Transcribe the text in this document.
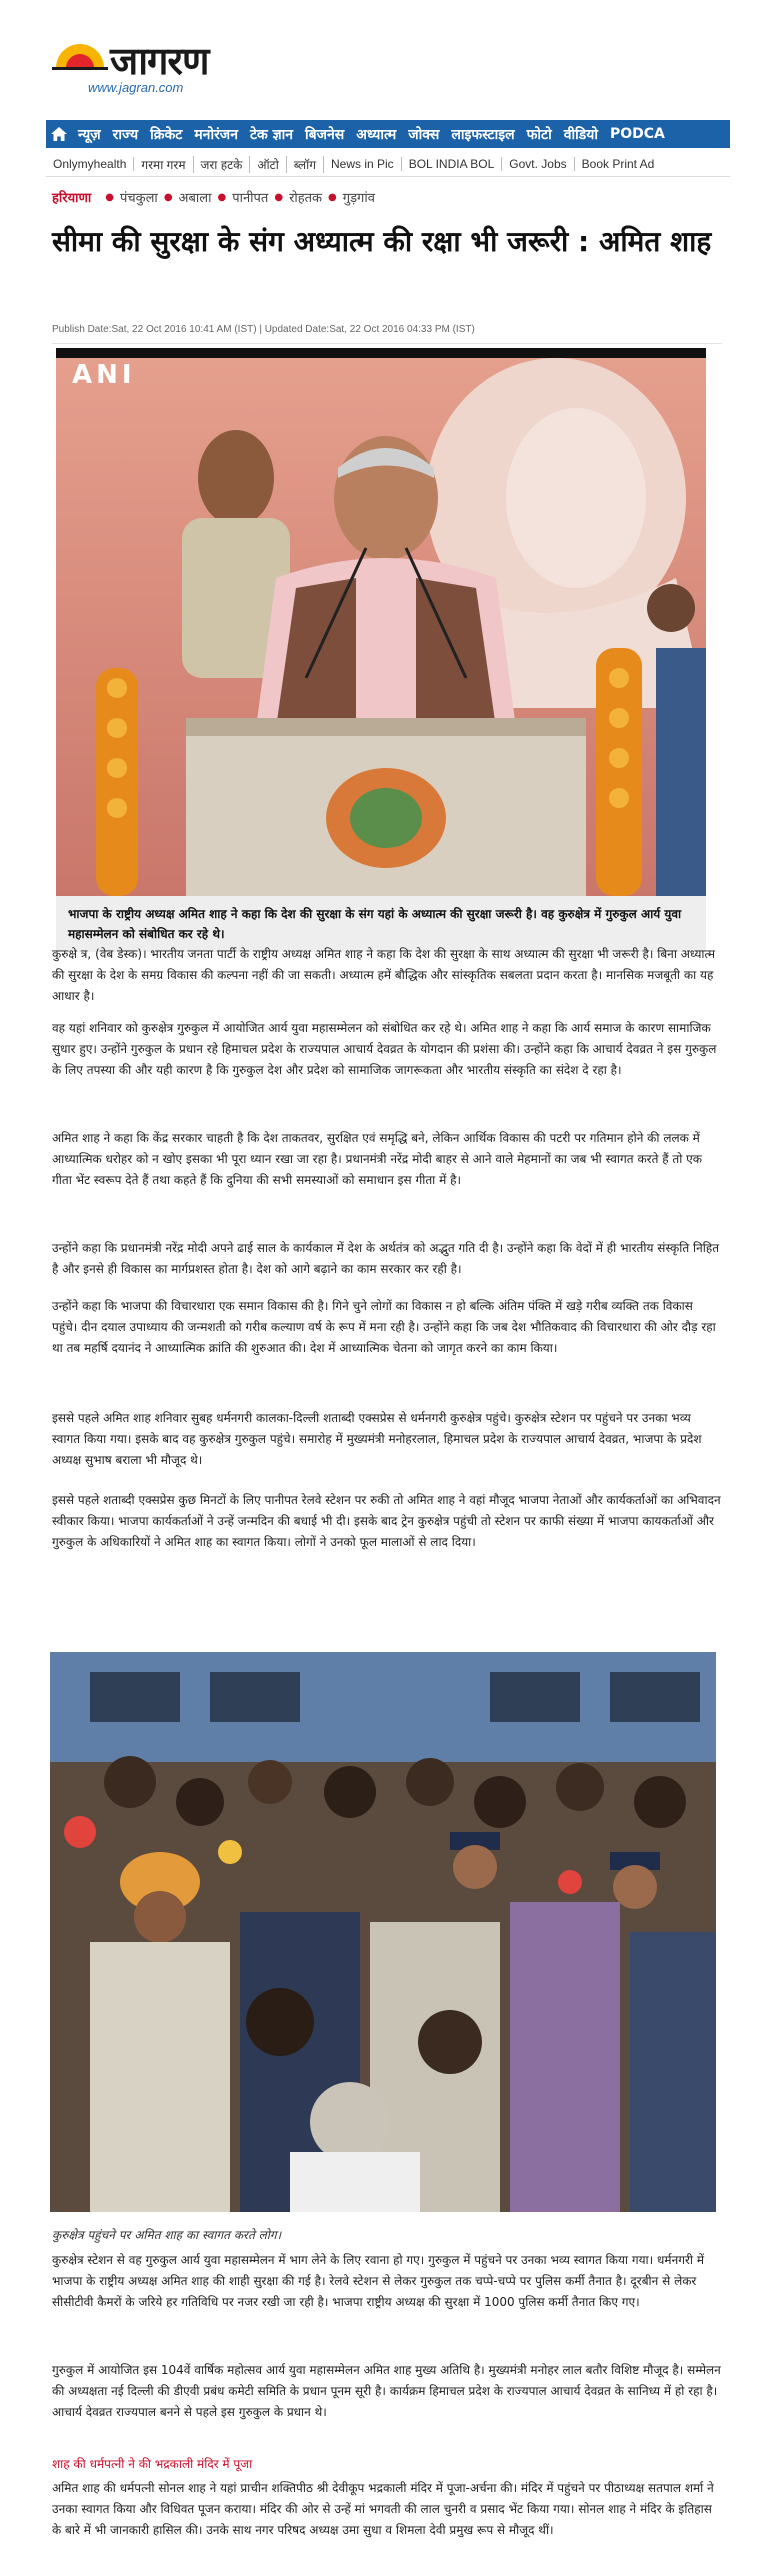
जागरण
www.jagran.com
न्यूज़ राज्य क्रिकेट मनोरंजन टेक ज्ञान बिजनेस अध्यात्म जोक्स लाइफस्टाइल फोटो वीडियो PODCA
Onlymyhealth	गरमा गरम	जरा हटके	ऑटो	ब्लॉग	News in Pic	BOL INDIA BOL	Govt. Jobs	Book Print Ad
हरियाणा ● पंचकुला ● अबाला ● पानीपत ● रोहतक ● गुड़गांव
सीमा की सुरक्षा के संग अध्यात्म की रक्षा भी जरूरी : अमित शाह
Publish Date:Sat, 22 Oct 2016 10:41 AM (IST) | Updated Date:Sat, 22 Oct 2016 04:33 PM (IST)
ANI
भाजपा के राष्ट्रीय अध्यक्ष अमित शाह ने कहा कि देश की सुरक्षा के संग यहां के अध्यात्म की सुरक्षा जरूरी है। वह कुरुक्षेत्र में गुरुकुल आर्य युवा महासम्मेलन को संबोधित कर रहे थे।

कुरुक्षे त्र, (वेब डेस्क)। भारतीय जनता पार्टी के राष्ट्रीय अध्यक्ष अमित शाह ने कहा कि देश की सुरक्षा के साथ अध्यात्म की सुरक्षा भी जरूरी है। बिना अध्यात्म की सुरक्षा के देश के समग्र विकास की कल्पना नहीं की जा सकती। अध्यात्म हमें बौद्धिक और सांस्कृतिक सबलता प्रदान करता है। मानसिक मजबूती का यह आधार है।

वह यहां शनिवार को कुरुक्षेत्र गुरुकुल में आयोजित आर्य युवा महासम्मेलन को संबोधित कर रहे थे। अमित शाह ने कहा कि आर्य समाज के कारण सामाजिक सुधार हुए। उन्होंने गुरुकुल के प्रधान रहे हिमाचल प्रदेश के राज्यपाल आचार्य देवव्रत के योगदान की प्रशंसा की। उन्होंने कहा कि आचार्य देवव्रत ने इस गुरुकुल के लिए तपस्या की और यही कारण है कि गुरुकुल देश और प्रदेश को सामाजिक जागरूकता और भारतीय संस्कृति का संदेश दे रहा है।

अमित शाह ने कहा कि केंद्र सरकार चाहती है कि देश ताकतवर, सुरक्षित एवं समृद्धि बने, लेकिन आर्थिक विकास की पटरी पर गतिमान होने की ललक में आध्यात्मिक धरोहर को न खोए इसका भी पूरा ध्यान रखा जा रहा है। प्रधानमंत्री नरेंद्र मोदी बाहर से आने वाले मेहमानों का जब भी स्वागत करते हैं तो एक गीता भेंट स्वरूप देते हैं तथा कहते हैं कि दुनिया की सभी समस्याओं को समाधान इस गीता में है।

उन्होंने कहा कि प्रधानमंत्री नरेंद्र मोदी अपने ढाई साल के कार्यकाल में देश के अर्थतंत्र को अद्भुत गति दी है। उन्होंने कहा कि वेदों में ही भारतीय संस्कृति निहित है और इनसे ही विकास का मार्गप्रशस्त होता है। देश को आगे बढ़ाने का काम सरकार कर रही है।

उन्होंने कहा कि भाजपा की विचारधारा एक समान विकास की है। गिने चुने लोगों का विकास न हो बल्कि अंतिम पंक्ति में खड़े गरीब व्यक्ति तक विकास पहुंचे। दीन दयाल उपाध्याय की जन्मशती को गरीब कल्याण वर्ष के रूप में मना रही है। उन्होंने कहा कि जब देश भौतिकवाद की विचारधारा की ओर दौड़ रहा था तब महर्षि दयानंद ने आध्यात्मिक क्रांति की शुरुआत की। देश में आध्यात्मिक चेतना को जागृत करने का काम किया।

इससे पहले अमित शाह शनिवार सुबह धर्मनगरी कालका-दिल्ली शताब्दी एक्सप्रेस से धर्मनगरी कुरुक्षेत्र पहुंचे। कुरुक्षेत्र स्टेशन पर पहुंचने पर उनका भव्य स्वागत किया गया। इसके बाद वह कुरुक्षेत्र गुरुकुल पहुंचे। समारोह में मुख्यमंत्री मनोहरलाल, हिमाचल प्रदेश के राज्यपाल आचार्य देवव्रत, भाजपा के प्रदेश अध्यक्ष सुभाष बराला भी मौजूद थे।

इससे पहले शताब्दी एक्सप्रेस कुछ मिनटों के लिए पानीपत रेलवे स्टेशन पर रुकी तो अमित शाह ने वहां मौजूद भाजपा नेताओं और कार्यकर्ताओं का अभिवादन स्वीकार किया। भाजपा कार्यकर्ताओं ने उन्हें जन्मदिन की बधाई भी दी। इसके बाद ट्रेन कुरुक्षेत्र पहुंची तो स्टेशन पर काफी संख्या में भाजपा कायकर्ताओं और गुरुकुल के अधिकारियों ने अमित शाह का स्वागत किया। लोगों ने उनको फूल मालाओं से लाद दिया।

कुरुक्षेत्र पहुंचने पर अमित शाह का स्वागत करते लोग।

कुरुक्षेत्र स्टेशन से वह गुरुकुल आर्य युवा महासम्मेलन में भाग लेने के लिए रवाना हो गए। गुरुकुल में पहुंचने पर उनका भव्य स्वागत किया गया। धर्मनगरी में भाजपा के राष्ट्रीय अध्यक्ष अमित शाह की शाही सुरक्षा की गई है। रेलवे स्टेशन से लेकर गुरुकुल तक चप्पे-चप्पे पर पुलिस कर्मी तैनात है। दूरबीन से लेकर सीसीटीवी कैमरों के जरिये हर गतिविधि पर नजर रखी जा रही है। भाजपा राष्ट्रीय अध्यक्ष की सुरक्षा में 1000 पुलिस कर्मी तैनात किए गए।

गुरुकुल में आयोजित इस 104वें वार्षिक महोत्सव आर्य युवा महासम्मेलन अमित शाह मुख्य अतिथि है। मुख्यमंत्री मनोहर लाल बतौर विशिष्ट मौजूद है। सम्मेलन की अध्यक्षता नई दिल्ली की डीएवी प्रबंध कमेटी समिति के प्रधान पूनम सूरी है। कार्यक्रम हिमाचल प्रदेश के राज्यपाल आचार्य देवव्रत के सानिध्य में हो रहा है। आचार्य देवव्रत राज्यपाल बनने से पहले इस गुरुकुल के प्रधान थे।

शाह की धर्मपत्नी ने की भद्रकाली मंदिर में पूजा

अमित शाह की धर्मपत्नी सोनल शाह ने यहां प्राचीन शक्तिपीठ श्री देवीकूप भद्रकाली मंदिर में पूजा-अर्चना की। मंदिर में पहुंचने पर पीठाध्यक्ष सतपाल शर्मा ने उनका स्वागत किया और विधिवत पूजन कराया। मंदिर की ओर से उन्हें मां भगवती की लाल चुनरी व प्रसाद भेंट किया गया। सोनल शाह ने मंदिर के इतिहास के बारे में भी जानकारी हासिल की। उनके साथ नगर परिषद अध्यक्ष उमा सुधा व शिमला देवी प्रमुख रूप से मौजूद थीं।
